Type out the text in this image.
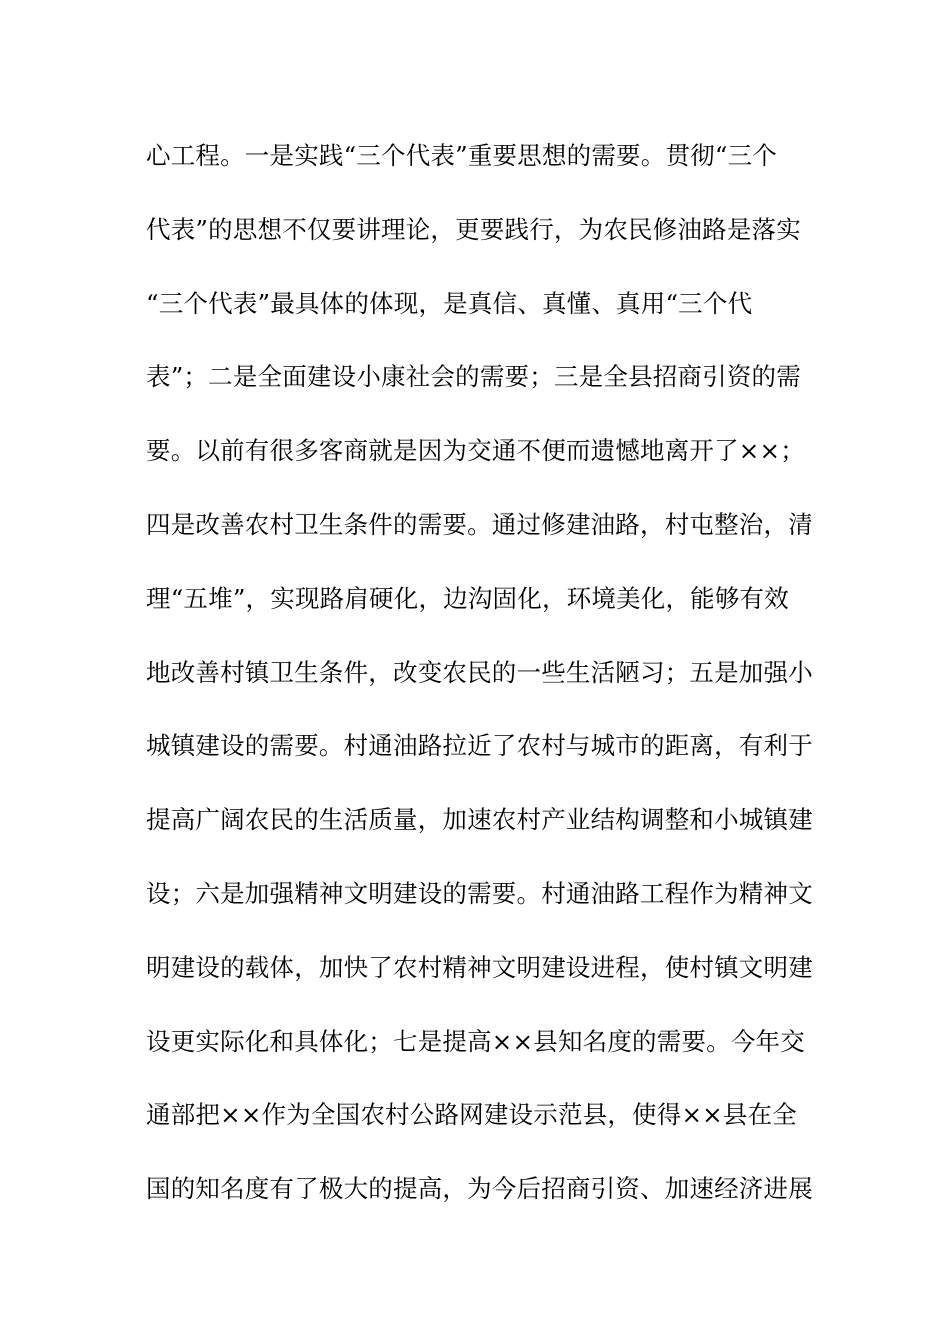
心工程。一是实践“三个代表”重要思想的需要。贯彻“三个
代表”的思想不仅要讲理论，更要践行，为农民修油路是落实
“三个代表”最具体的体现，是真信、真懂、真用“三个代
表”；二是全面建设小康社会的需要；三是全县招商引资的需
要。以前有很多客商就是因为交通不便而遗憾地离开了××；
四是改善农村卫生条件的需要。通过修建油路，村屯整治，清
理“五堆”，实现路肩硬化，边沟固化，环境美化，能够有效
地改善村镇卫生条件，改变农民的一些生活陋习；五是加强小
城镇建设的需要。村通油路拉近了农村与城市的距离，有利于
提高广阔农民的生活质量，加速农村产业结构调整和小城镇建
设；六是加强精神文明建设的需要。村通油路工程作为精神文
明建设的载体，加快了农村精神文明建设进程，使村镇文明建
设更实际化和具体化；七是提高××县知名度的需要。今年交
通部把××作为全国农村公路网建设示范县，使得××县在全
国的知名度有了极大的提高，为今后招商引资、加速经济进展
